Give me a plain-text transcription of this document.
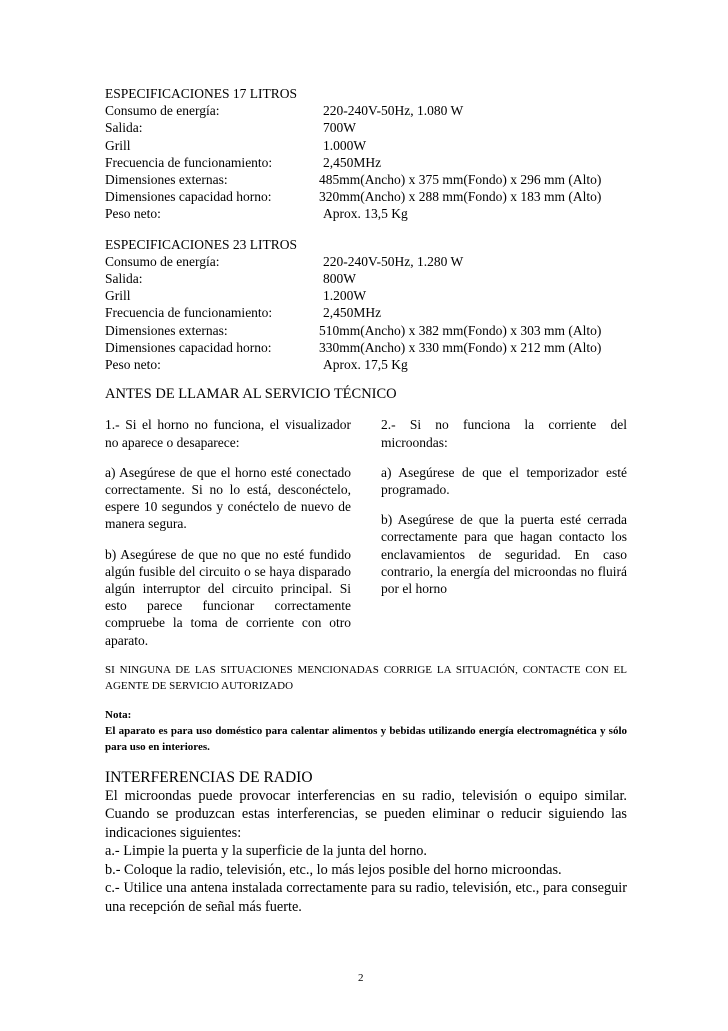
ESPECIFICACIONES 17 LITROS
Consumo de energía:	220-240V-50Hz, 1.080 W
Salida:	700W
Grill	1.000W
Frecuencia de funcionamiento:	2,450MHz
Dimensiones externas:	485mm(Ancho) x 375 mm(Fondo) x 296 mm (Alto)
Dimensiones capacidad horno:	320mm(Ancho) x 288 mm(Fondo) x 183 mm (Alto)
Peso neto:	Aprox. 13,5 Kg
ESPECIFICACIONES 23 LITROS
Consumo de energía:	220-240V-50Hz, 1.280 W
Salida:	800W
Grill	1.200W
Frecuencia de funcionamiento:	2,450MHz
Dimensiones externas:	510mm(Ancho) x 382 mm(Fondo) x 303 mm (Alto)
Dimensiones capacidad horno:	330mm(Ancho) x 330 mm(Fondo) x 212 mm (Alto)
Peso neto:	Aprox. 17,5 Kg
ANTES DE LLAMAR AL SERVICIO TÉCNICO

1.- Si el horno no funciona, el visualizador no aparece o desaparece:

a) Asegúrese de que el horno esté conectado correctamente. Si no lo está, desconéctelo, espere 10 segundos y conéctelo de nuevo de manera segura.

b) Asegúrese de que no que no esté fundido algún fusible del circuito o se haya disparado algún interruptor del circuito principal. Si esto parece funcionar correctamente compruebe la toma de corriente con otro aparato.

2.- Si no funciona la corriente del microondas:

a) Asegúrese de que el temporizador esté programado.

b) Asegúrese de que la puerta esté cerrada correctamente para que hagan contacto los enclavamientos de seguridad. En caso contrario, la energía del microondas no fluirá por el horno

SI NINGUNA DE LAS SITUACIONES MENCIONADAS CORRIGE LA SITUACIÓN, CONTACTE CON EL AGENTE DE SERVICIO AUTORIZADO
Nota:
El aparato es para uso doméstico para calentar alimentos y bebidas utilizando energía electromagnética y sólo para uso en interiores.
INTERFERENCIAS DE RADIO

El microondas puede provocar interferencias en su radio, televisión o equipo similar. Cuando se produzcan estas interferencias, se pueden eliminar o reducir siguiendo las indicaciones siguientes:

a.- Limpie la puerta y la superficie de la junta del horno.

b.- Coloque la radio, televisión, etc., lo más lejos posible del horno microondas.

c.- Utilice una antena instalada correctamente para su radio, televisión, etc., para conseguir una recepción de señal más fuerte.

2
